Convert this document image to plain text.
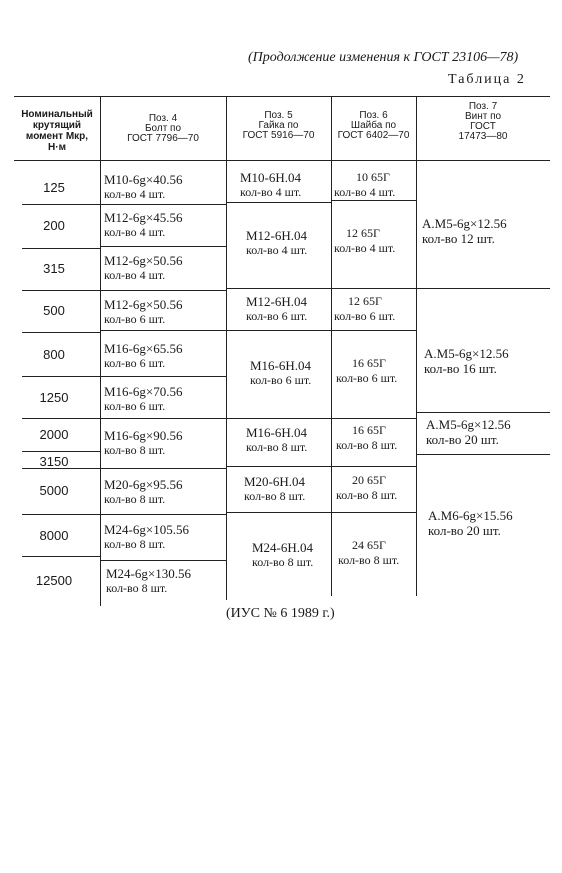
(Продолжение изменения к ГОСТ 23106—78)
Таблица 2
Номинальный
крутящий
момент Mкр,
Н·м
Поз. 4
Болт по
ГОСТ 7796—70
Поз. 5
Гайка по
ГОСТ 5916—70
Поз. 6
Шайба по
ГОСТ 6402—70
Поз. 7
Винт по
ГОСТ
17473—80
125
200
315
500
800
1250
2000
3150
5000
8000
12500
M10-6g×40.56
кол-во 4 шт.
M12-6g×45.56
кол-во 4 шт.
M12-6g×50.56
кол-во 4 шт.
M12-6g×50.56
кол-во 6 шт.
M16-6g×65.56
кол-во 6 шт.
M16-6g×70.56
кол-во 6 шт.
M16-6g×90.56
кол-во 8 шт.
M20-6g×95.56
кол-во 8 шт.
M24-6g×105.56
кол-во 8 шт.
M24-6g×130.56
кол-во 8 шт.
M10-6H.04
кол-во 4 шт.
M12-6H.04
кол-во 4 шт.
M12-6H.04
кол-во 6 шт.
M16-6H.04
кол-во 6 шт.
M16-6H.04
кол-во 8 шт.
M20-6H.04
кол-во 8 шт.
M24-6H.04
кол-во 8 шт.
10 65Г
кол-во 4 шт.
12 65Г
кол-во 4 шт.
12 65Г
кол-во 6 шт.
16 65Г
кол-во 6 шт.
16 65Г
кол-во 8 шт.
20 65Г
кол-во 8 шт.
24 65Г
кол-во 8 шт.
А.М5-6g×12.56
кол-во 12 шт.
А.М5-6g×12.56
кол-во 16 шт.
А.М5-6g×12.56
кол-во 20 шт.
А.М6-6g×15.56
кол-во 20 шт.
(ИУС № 6 1989 г.)
